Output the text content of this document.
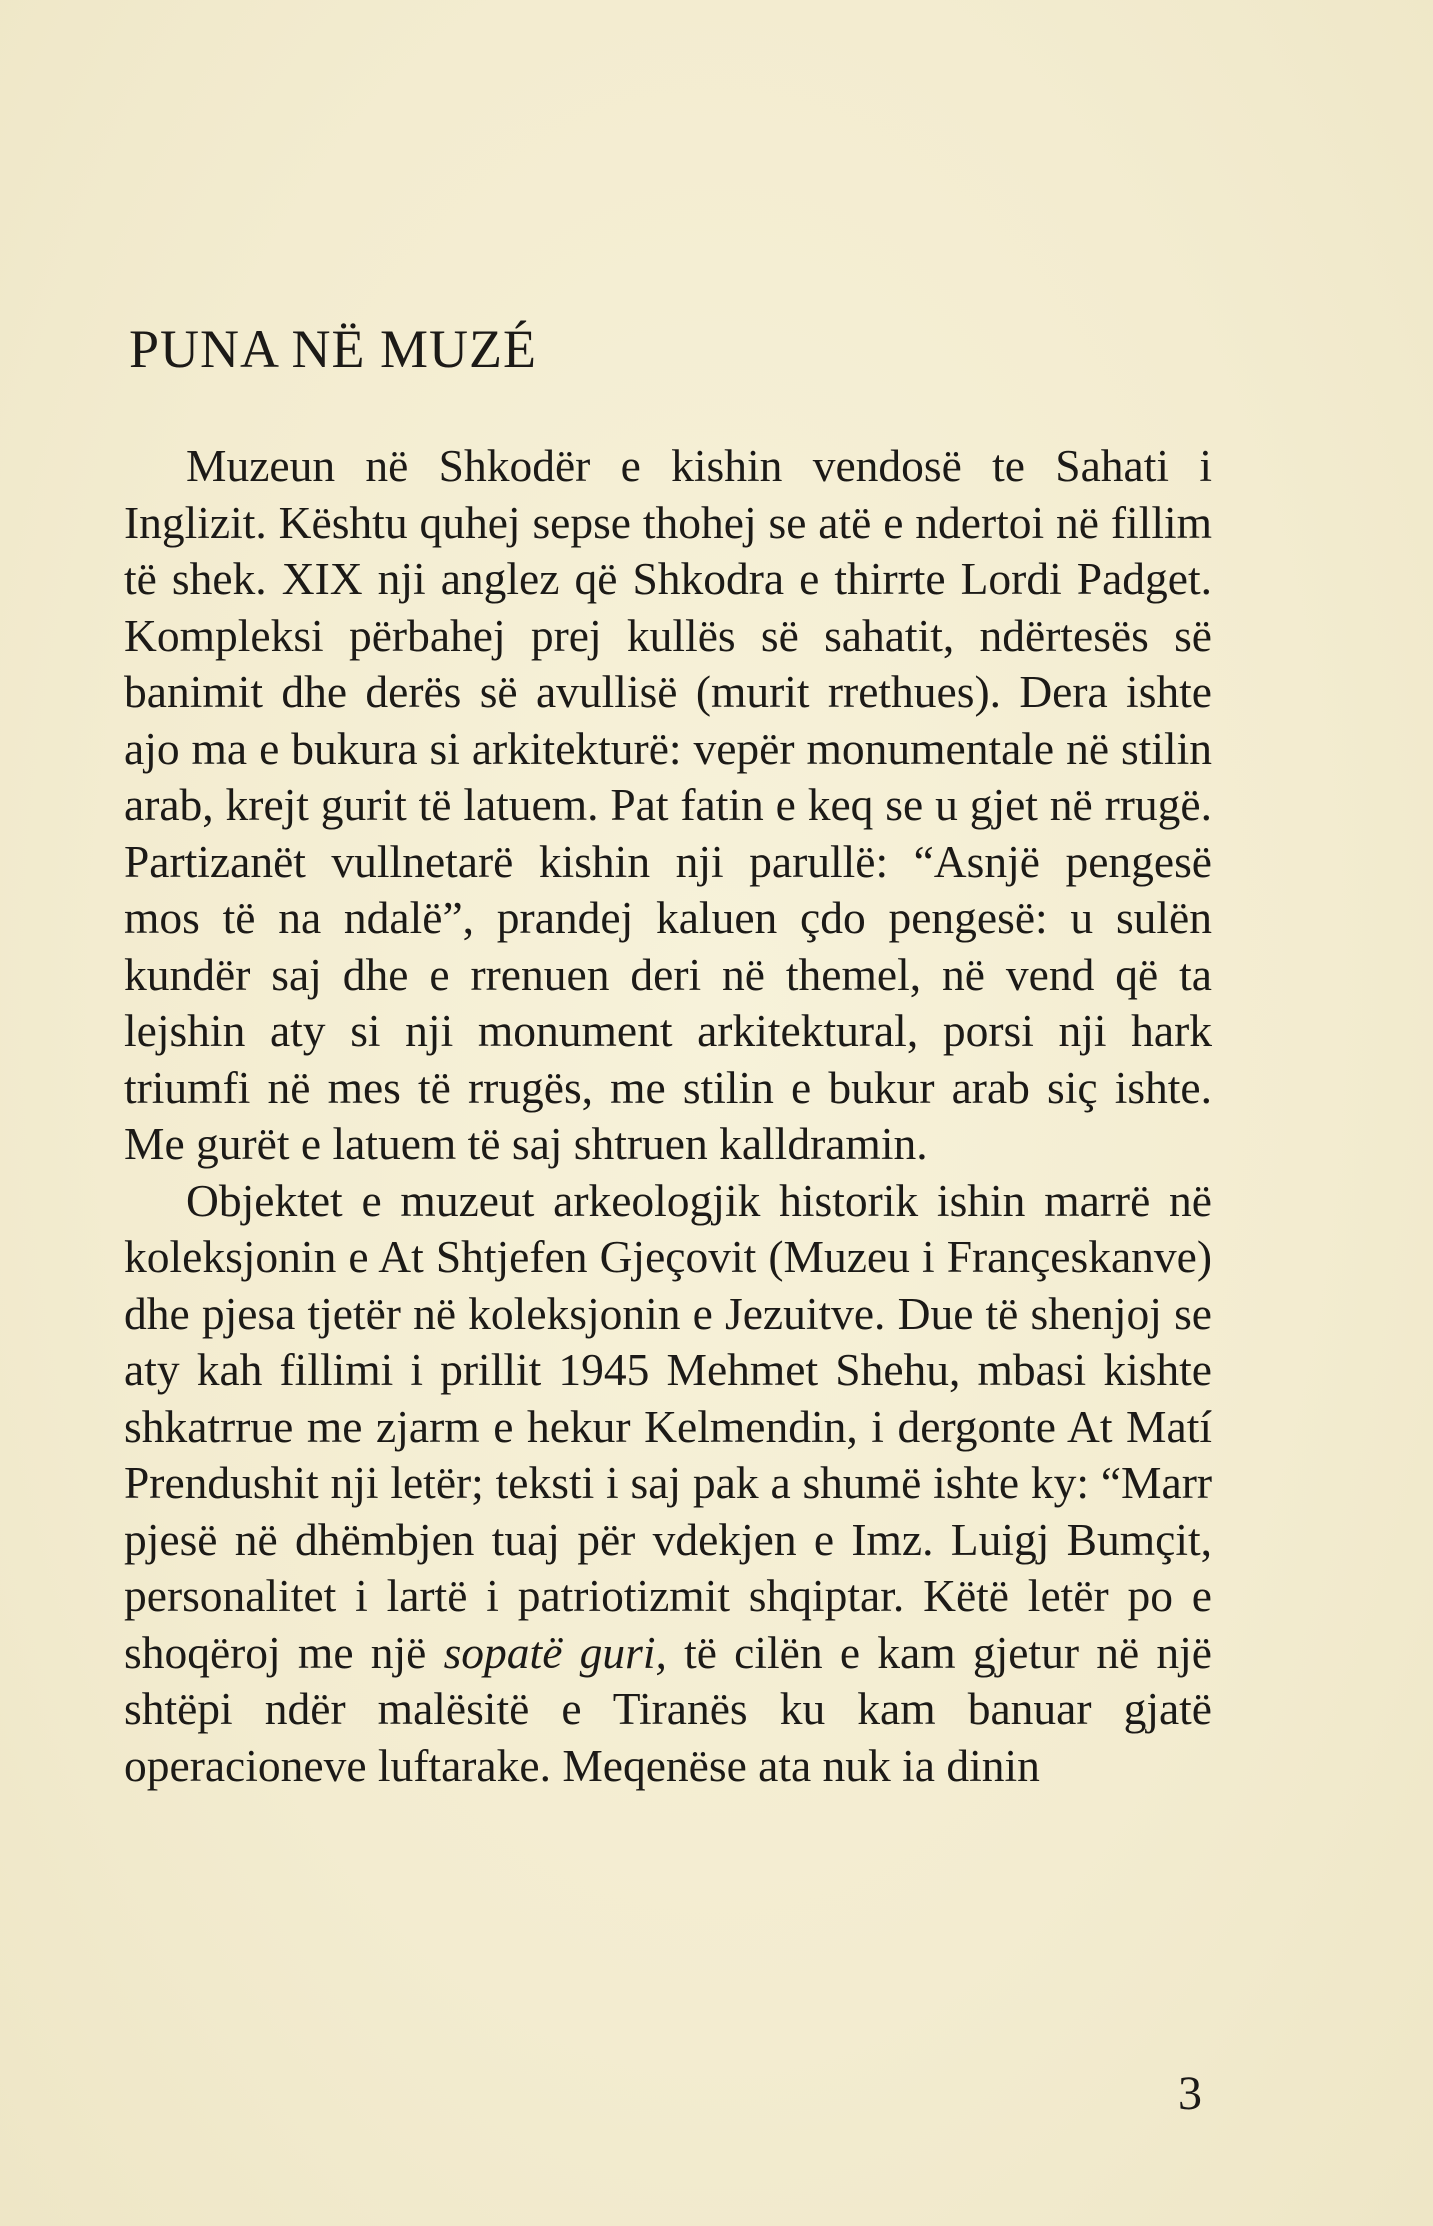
PUNA NË MUZÉ

Muzeun në Shkodër e kishin vendosë te Sahati i Inglizit. Kështu quhej sepse thohej se atë e ndertoi në fillim të shek. XIX nji anglez që Shkodra e thirrte Lordi Padget. Kompleksi përbahej prej kullës së sahatit, ndërtesës së banimit dhe derës së avullisë (murit rrethues). Dera ishte ajo ma e bukura si arkitekturë: vepër monumentale në stilin arab, krejt gurit të latuem. Pat fatin e keq se u gjet në rrugë. Partizanët vullnetarë kishin nji parullë: “Asnjë pengesë mos të na ndalë”, prandej kaluen çdo pengesë: u sulën kundër saj dhe e rrenuen deri në themel, në vend që ta lejshin aty si nji monument arkitektural, porsi nji hark triumfi në mes të rrugës, me stilin e bukur arab siç ishte. Me gurët e latuem të saj shtruen kalldramin.

Objektet e muzeut arkeologjik historik ishin marrë në koleksjonin e At Shtjefen Gjeçovit (Muzeu i Françeskanve) dhe pjesa tjetër në koleksjonin e Jezuitve. Due të shenjoj se aty kah fillimi i prillit 1945 Mehmet Shehu, mbasi kishte shkatrrue me zjarm e hekur Kelmendin, i dergonte At Matí Prendushit nji letër; teksti i saj pak a shumë ishte ky: “Marr pjesë në dhëmbjen tuaj për vdekjen e Imz. Luigj Bumçit, personalitet i lartë i patriotizmit shqiptar. Këtë letër po e shoqëroj me një sopatë guri, të cilën e kam gjetur në një shtëpi ndër malësitë e Tiranës ku kam banuar gjatë operacioneve luftarake. Meqenëse ata nuk ia dinin

3
